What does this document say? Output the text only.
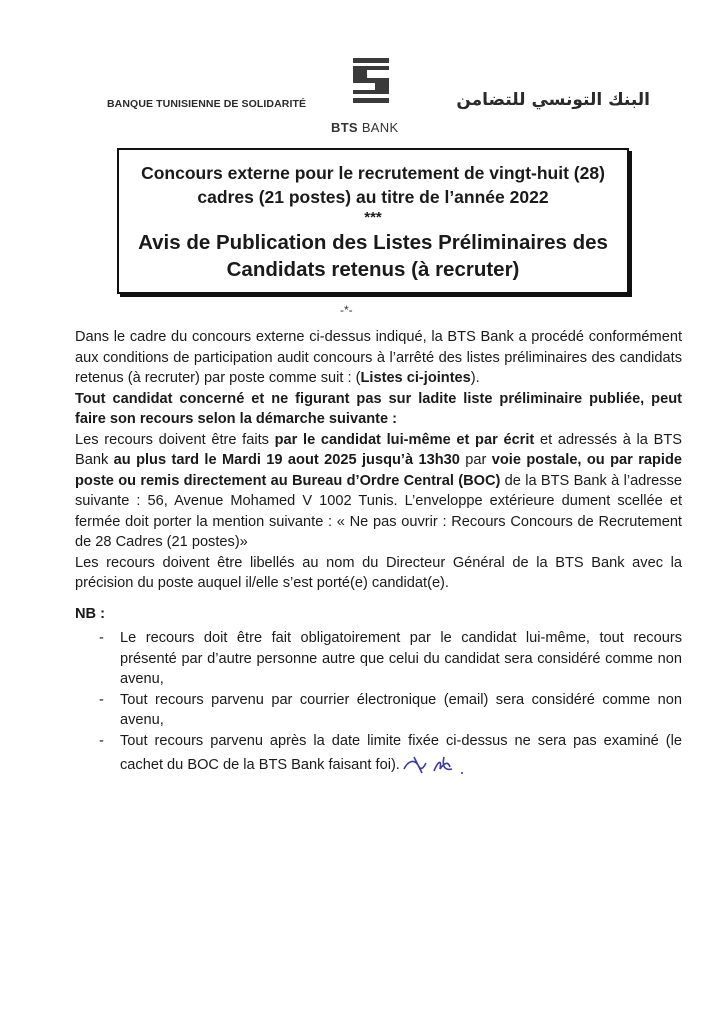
BANQUE TUNISIENNE DE SOLIDARITÉ
BTS BANK
البنك التونسي للتضامن
Concours externe pour le recrutement de vingt-huit (28) cadres (21 postes) au titre de l’année 2022
***
Avis de Publication des Listes Préliminaires des Candidats retenus (à recruter)
-*-

Dans le cadre du concours externe ci-dessus indiqué, la BTS Bank a procédé conformément aux conditions de participation audit concours à l’arrêté des listes préliminaires des candidats retenus (à recruter) par poste comme suit : (Listes ci-jointes).

Tout candidat concerné et ne figurant pas sur ladite liste préliminaire publiée, peut faire son recours selon la démarche suivante :

Les recours doivent être faits par le candidat lui-même et par écrit et adressés à la BTS Bank au plus tard le Mardi 19 aout 2025 jusqu’à 13h30 par voie postale, ou par rapide poste ou remis directement au Bureau d’Ordre Central (BOC) de la BTS Bank à l’adresse suivante : 56, Avenue Mohamed V 1002 Tunis. L’enveloppe extérieure dument scellée et fermée doit porter la mention suivante : « Ne pas ouvrir : Recours Concours de Recrutement de 28 Cadres (21 postes)»

Les recours doivent être libellés au nom du Directeur Général de la BTS Bank avec la précision du poste auquel il/elle s’est porté(e) candidat(e).

NB :

- Le recours doit être fait obligatoirement par le candidat lui-même, tout recours présenté par d’autre personne autre que celui du candidat sera considéré comme non avenu,
- Tout recours parvenu par courrier électronique (email) sera considéré comme non avenu,
- Tout recours parvenu après la date limite fixée ci-dessus ne sera pas examiné (le cachet du BOC de la BTS Bank faisant foi).
